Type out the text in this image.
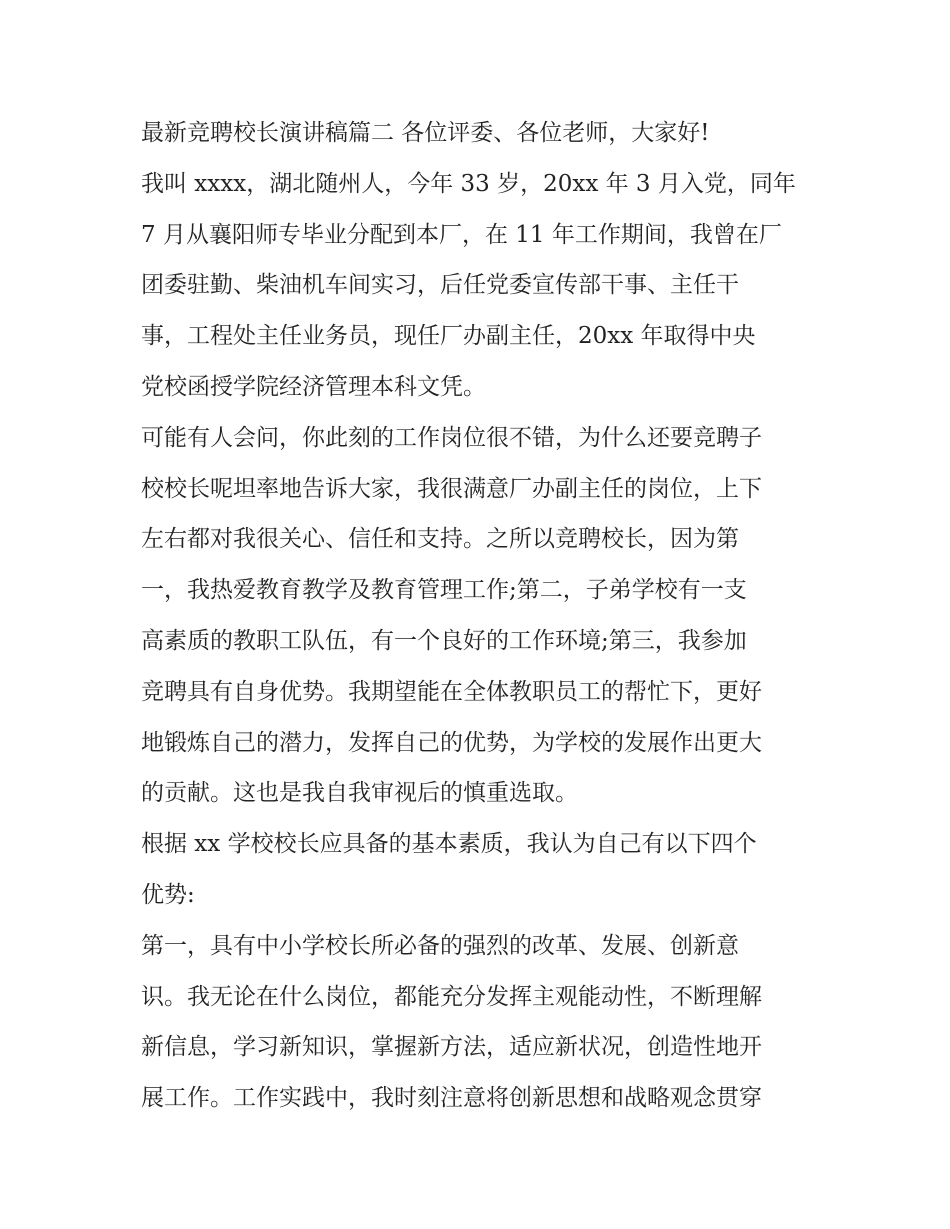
最新竞聘校长演讲稿篇二 各位评委、各位老师，大家好!
我叫 xxxx，湖北随州人，今年 33 岁，20xx 年 3 月入党，同年
7 月从襄阳师专毕业分配到本厂，在 11 年工作期间，我曾在厂
团委驻勤、柴油机车间实习，后任党委宣传部干事、主任干
事，工程处主任业务员，现任厂办副主任，20xx 年取得中央
党校函授学院经济管理本科文凭。
可能有人会问，你此刻的工作岗位很不错，为什么还要竞聘子
校校长呢坦率地告诉大家，我很满意厂办副主任的岗位，上下
左右都对我很关心、信任和支持。之所以竞聘校长，因为第
一，我热爱教育教学及教育管理工作;第二，子弟学校有一支
高素质的教职工队伍，有一个良好的工作环境;第三，我参加
竞聘具有自身优势。我期望能在全体教职员工的帮忙下，更好
地锻炼自己的潜力，发挥自己的优势，为学校的发展作出更大
的贡献。这也是我自我审视后的慎重选取。
根据 xx 学校校长应具备的基本素质，我认为自己有以下四个
优势:
第一，具有中小学校长所必备的强烈的改革、发展、创新意
识。我无论在什么岗位，都能充分发挥主观能动性，不断理解
新信息，学习新知识，掌握新方法，适应新状况，创造性地开
展工作。工作实践中，我时刻注意将创新思想和战略观念贯穿
